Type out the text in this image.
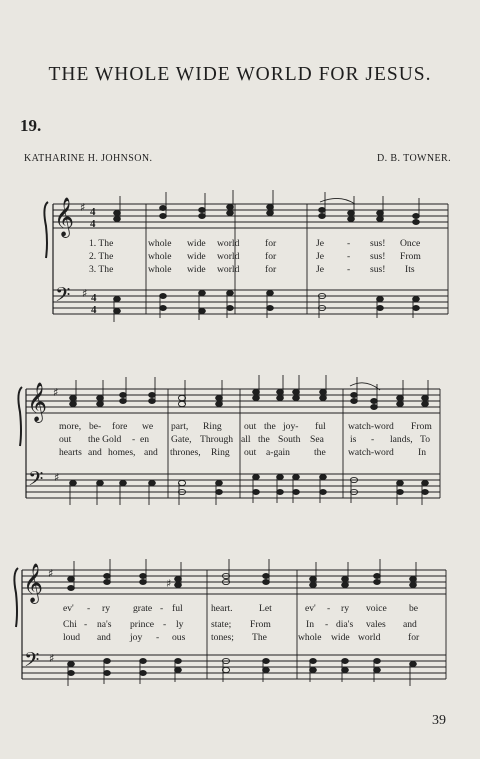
THE WHOLE WIDE WORLD FOR JESUS.
19.
KATHARINE H. JOHNSON.	D. B. TOWNER.
𝄞
𝄢
♯
♯
4
4
4
4
𝄞
𝄢
♯
♯
𝄞
𝄢
♯
♯
♯
1. The	whole wide world	for	Je - sus! Once
2. The	whole wide world	for	Je - sus! From
3. The	whole wide world	for	Je - sus! Its
more, be- fore we part, Ring out the joy- ful watch-word From
out the Gold - en Gate, Through all the South Sea	is - lands, To
hearts and homes, and thrones, Ring out a-gain	the watch-word	In
ev' - ry grate - ful	heart.	Let	ev' - ry voice be
Chi - na's prince - ly	state; From	In - dia's vales and
loud and joy - ous	tones; The	whole wide world	for
39
